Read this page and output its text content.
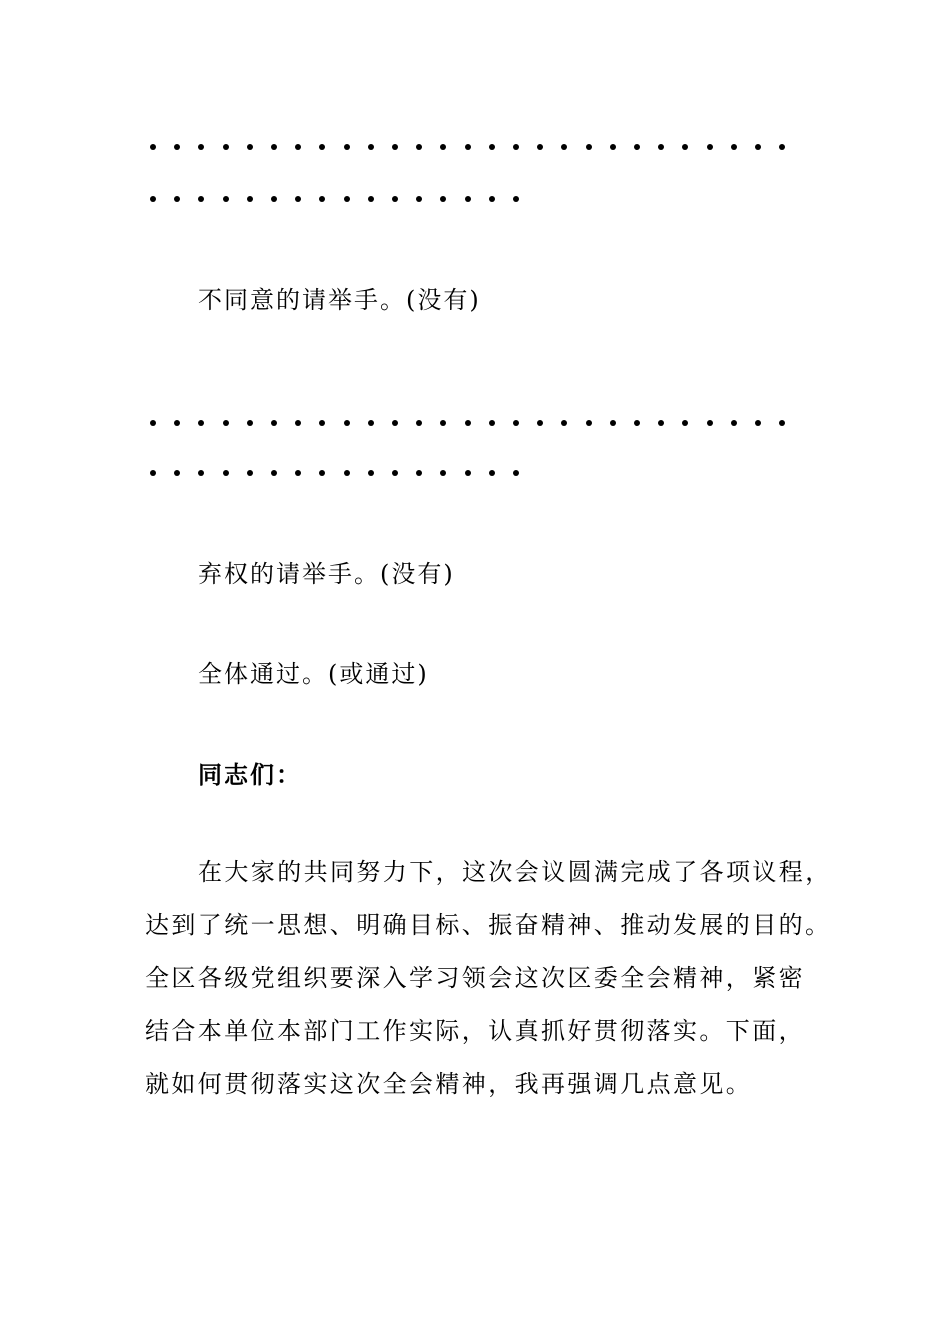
不同意的请举手。(没有)
弃权的请举手。(没有)
全体通过。(或通过)
同志们：
在大家的共同努力下，这次会议圆满完成了各项议程，
达到了统一思想、明确目标、振奋精神、推动发展的目的。
全区各级党组织要深入学习领会这次区委全会精神，紧密
结合本单位本部门工作实际，认真抓好贯彻落实。下面，
就如何贯彻落实这次全会精神，我再强调几点意见。
